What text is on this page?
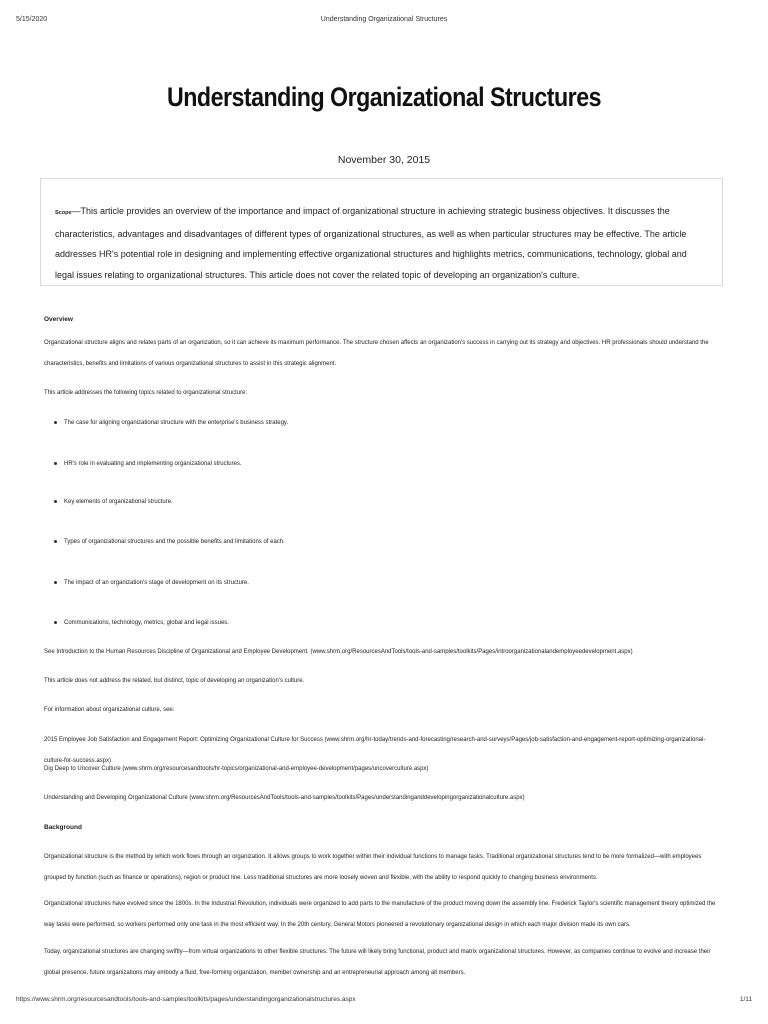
5/15/2020	Understanding Organizational Structures
Understanding Organizational Structures
November 30, 2015

Scope—This article provides an overview of the importance and impact of organizational structure in achieving strategic business objectives. It discusses the characteristics, advantages and disadvantages of different types of organizational structures, as well as when particular structures may be effective. The article addresses HR's potential role in designing and implementing effective organizational structures and highlights metrics, communications, technology, global and legal issues relating to organizational structures. This article does not cover the related topic of developing an organization's culture.

Overview
Organizational structure aligns and relates parts of an organization, so it can achieve its maximum performance. The structure chosen affects an organization's success in carrying out its strategy and objectives. HR professionals should understand the characteristics, benefits and limitations of various organizational structures to assist in this strategic alignment.
This article addresses the following topics related to organizational structure:
The case for aligning organizational structure with the enterprise's business strategy.
HR's role in evaluating and implementing organizational structures.
Key elements of organizational structure.
Types of organizational structures and the possible benefits and limitations of each.
The impact of an organization's stage of development on its structure.
Communications, technology, metrics, global and legal issues.
See Introduction to the Human Resources Discipline of Organizational and Employee Development. (www.shrm.org/ResourcesAndTools/tools-and-samples/toolkits/Pages/introorganizationalandemployeedevelopment.aspx)
This article does not address the related, but distinct, topic of developing an organization's culture.
For information about organizational culture, see:
2015 Employee Job Satisfaction and Engagement Report: Optimizing Organizational Culture for Success (www.shrm.org/hr-today/trends-and-forecasting/research-and-surveys/Pages/job-satisfaction-and-engagement-report-optimizing-organizational-culture-for-success.aspx)
Dig Deep to Uncover Culture (www.shrm.org/resourcesandtools/hr-topics/organizational-and-employee-development/pages/uncoverculture.aspx)
Understanding and Developing Organizational Culture (www.shrm.org/ResourcesAndTools/tools-and-samples/toolkits/Pages/understandinganddevelopingorganizationalculture.aspx)
Background
Organizational structure is the method by which work flows through an organization. It allows groups to work together within their individual functions to manage tasks. Traditional organizational structures tend to be more formalized—with employees grouped by function (such as finance or operations), region or product line. Less traditional structures are more loosely woven and flexible, with the ability to respond quickly to changing business environments.
Organizational structures have evolved since the 1800s. In the Industrial Revolution, individuals were organized to add parts to the manufacture of the product moving down the assembly line. Frederick Taylor's scientific management theory optimized the way tasks were performed, so workers performed only one task in the most efficient way. In the 20th century, General Motors pioneered a revolutionary organizational design in which each major division made its own cars.
Today, organizational structures are changing swiftly—from virtual organizations to other flexible structures. The future will likely bring functional, product and matrix organizational structures. However, as companies continue to evolve and increase their global presence, future organizations may embody a fluid, free-forming organization, member ownership and an entrepreneurial approach among all members.
https://www.shrm.org/resourcesandtools/tools-and-samples/toolkits/pages/understandingorganizationalstructures.aspx	1/11
